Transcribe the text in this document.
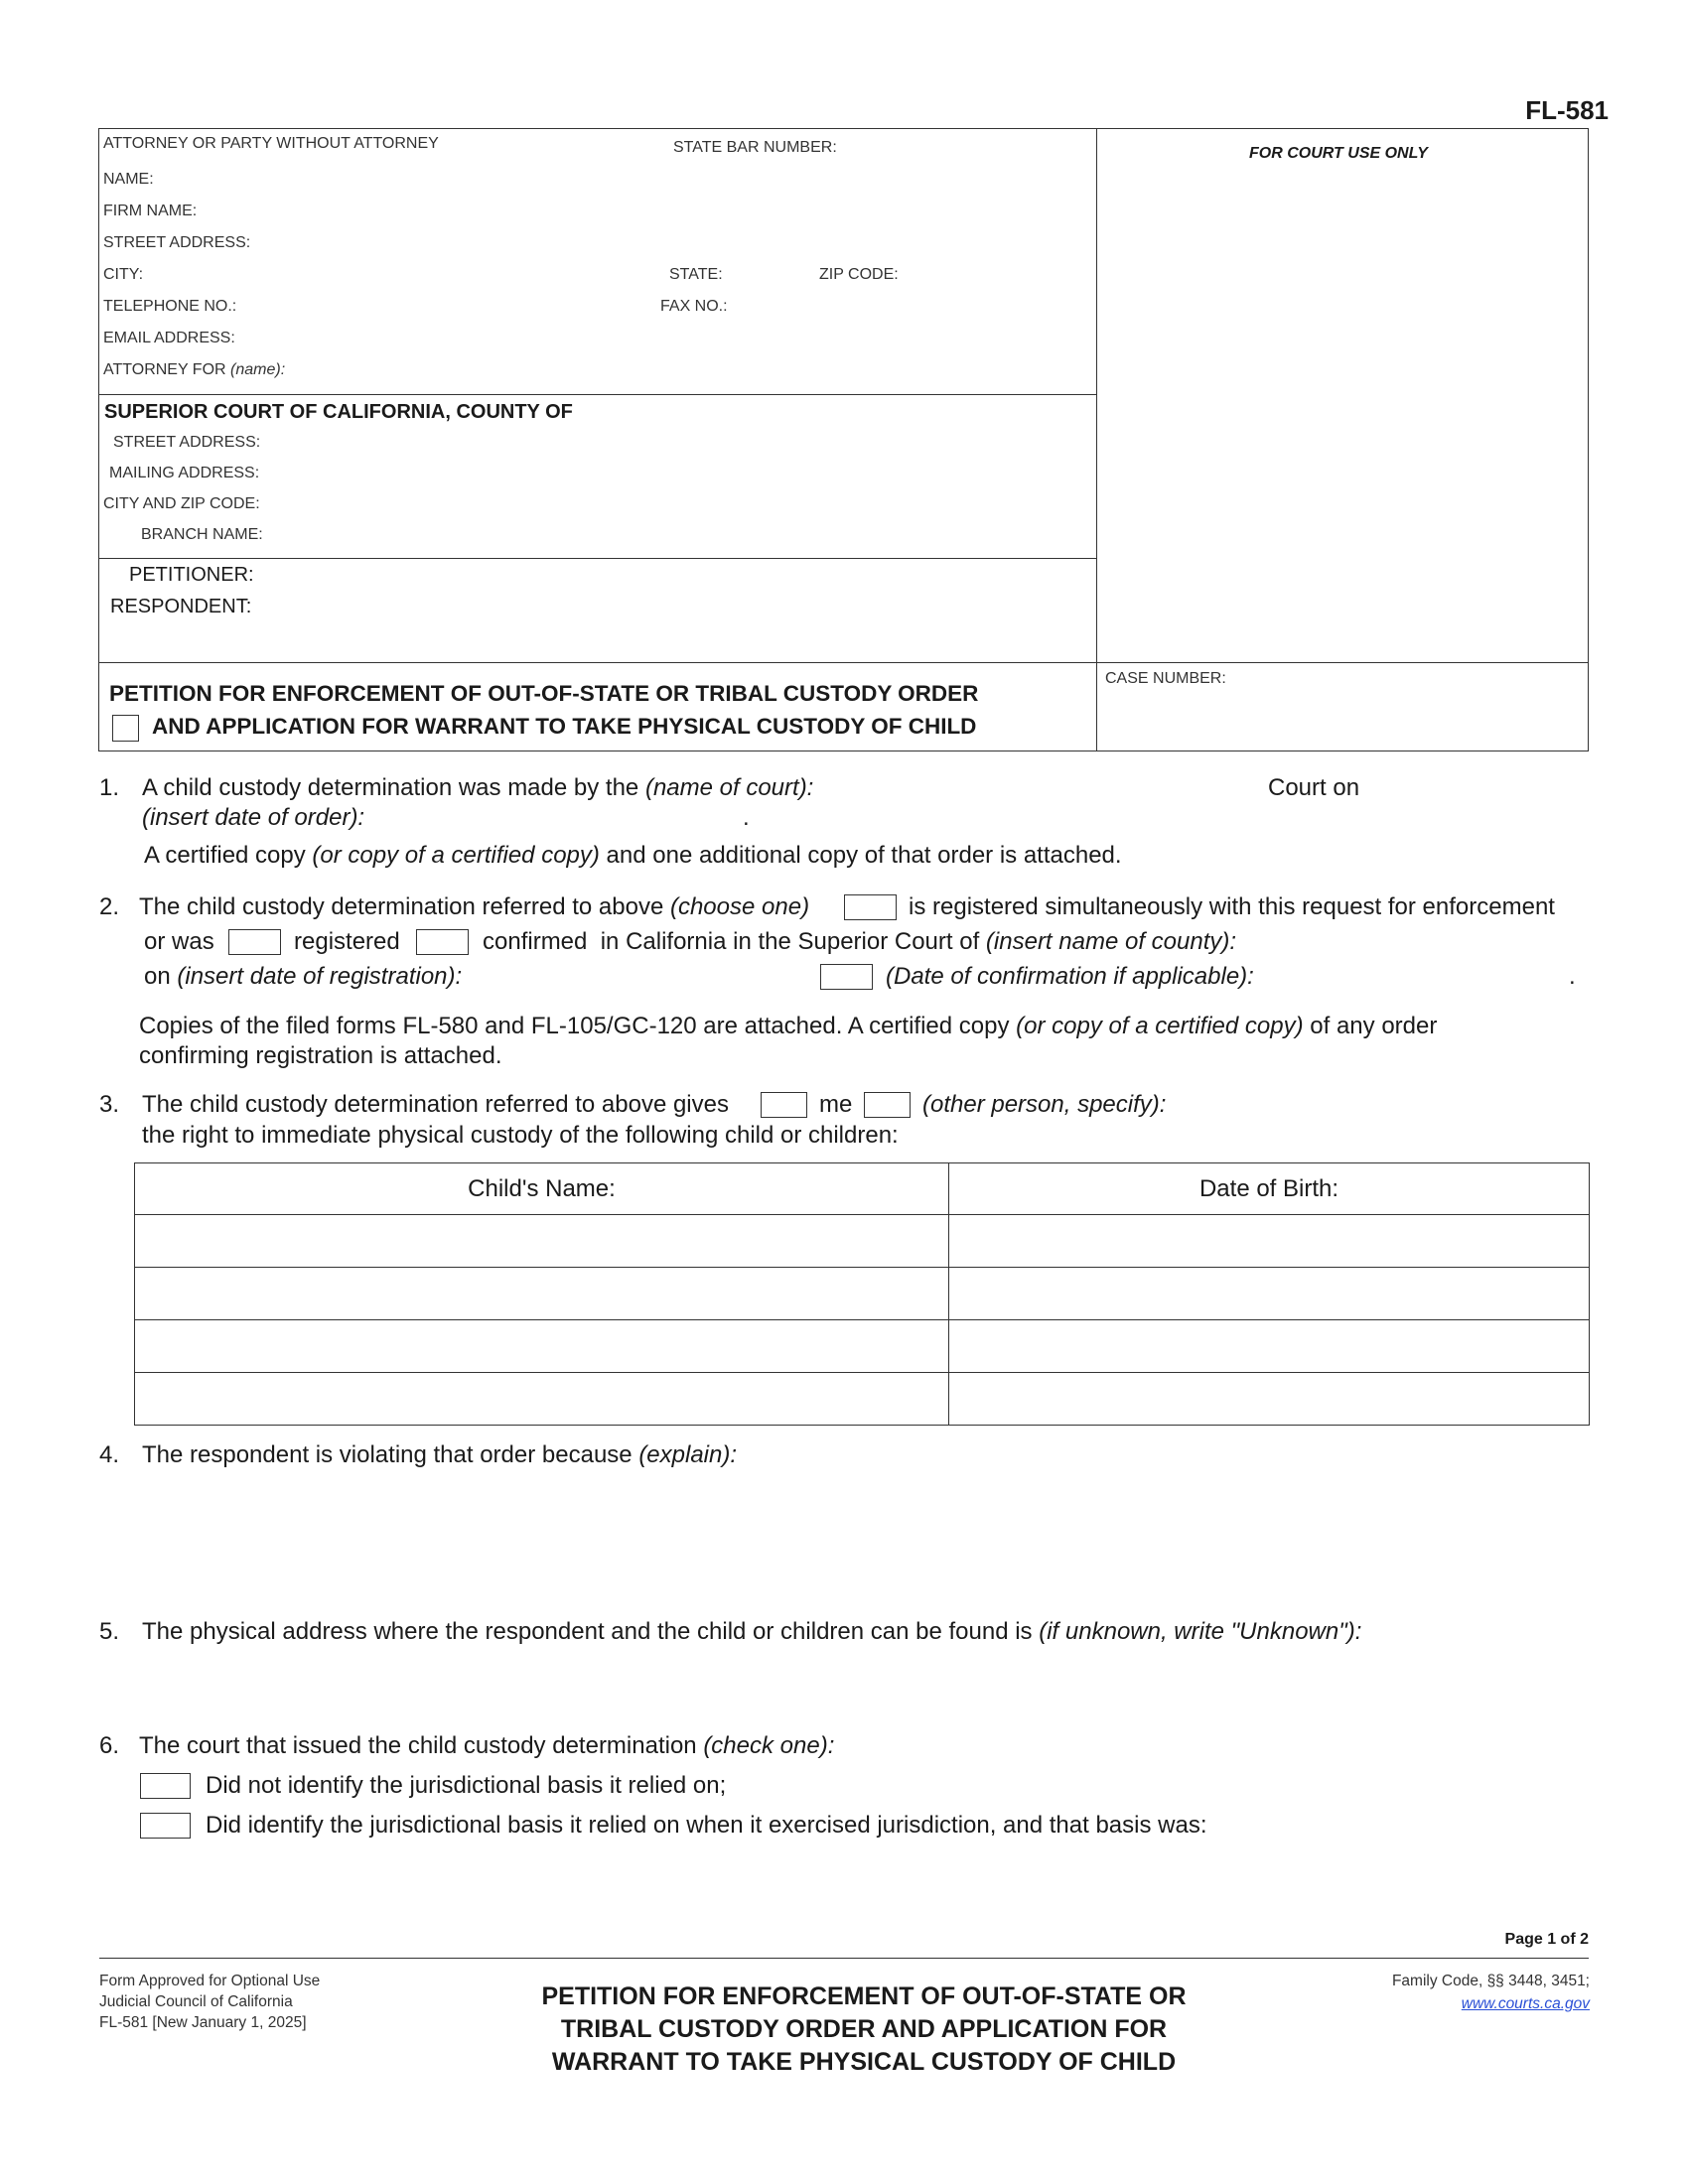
FL-581
ATTORNEY OR PARTY WITHOUT ATTORNEY	STATE BAR NUMBER:
NAME:
FIRM NAME:
STREET ADDRESS:
CITY:	STATE:	ZIP CODE:
TELEPHONE NO.:	FAX NO.:
EMAIL ADDRESS:
ATTORNEY FOR (name):
FOR COURT USE ONLY
SUPERIOR COURT OF CALIFORNIA, COUNTY OF
STREET ADDRESS:
MAILING ADDRESS:
CITY AND ZIP CODE:
BRANCH NAME:
PETITIONER:
RESPONDENT:
PETITION FOR ENFORCEMENT OF OUT-OF-STATE OR TRIBAL CUSTODY ORDER
AND APPLICATION FOR WARRANT TO TAKE PHYSICAL CUSTODY OF CHILD
CASE NUMBER:
1. A child custody determination was made by the (name of court):	Court on
(insert date of order):	.
A certified copy (or copy of a certified copy) and one additional copy of that order is attached.
2. The child custody determination referred to above (choose one)	is registered simultaneously with this request for enforcement
or was	registered	confirmed in California in the Superior Court of (insert name of county):
on (insert date of registration):	(Date of confirmation if applicable):	.
Copies of the filed forms FL-580 and FL-105/GC-120 are attached. A certified copy (or copy of a certified copy) of any order
confirming registration is attached.
3. The child custody determination referred to above gives	me	(other person, specify):
the right to immediate physical custody of the following child or children:
Child's Name:	Date of Birth:

4. The respondent is violating that order because (explain):
5. The physical address where the respondent and the child or children can be found is (if unknown, write "Unknown"):
6. The court that issued the child custody determination (check one):
Did not identify the jurisdictional basis it relied on;
Did identify the jurisdictional basis it relied on when it exercised jurisdiction, and that basis was:
Page 1 of 2
Form Approved for Optional Use
Judicial Council of California
FL-581 [New January 1, 2025]
PETITION FOR ENFORCEMENT OF OUT-OF-STATE OR
TRIBAL CUSTODY ORDER AND APPLICATION FOR
WARRANT TO TAKE PHYSICAL CUSTODY OF CHILD
Family Code, §§ 3448, 3451;
www.courts.ca.gov
